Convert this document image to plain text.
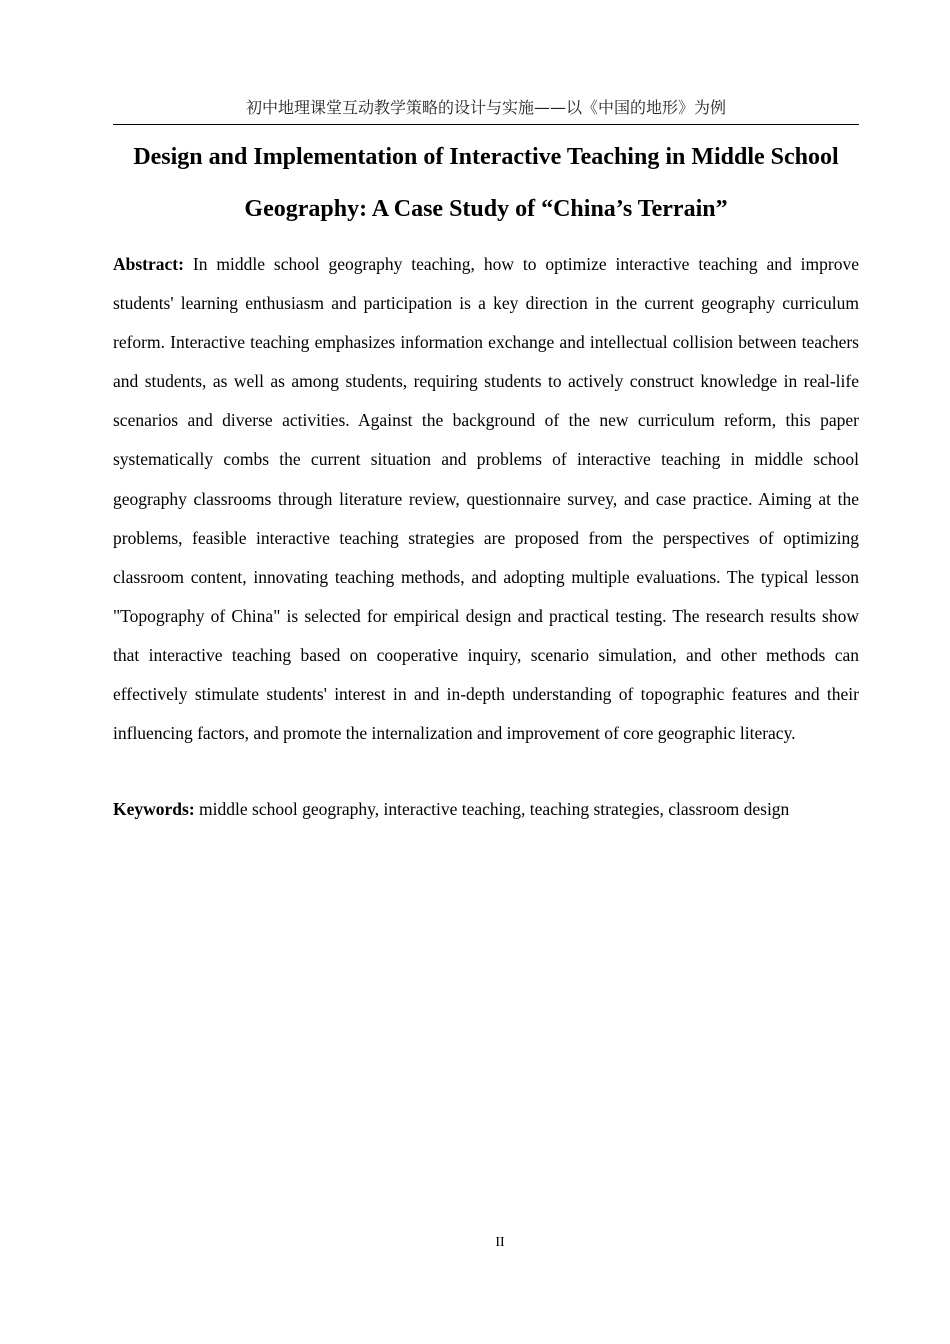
初中地理课堂互动教学策略的设计与实施——以《中国的地形》为例
Design and Implementation of Interactive Teaching in Middle School Geography: A Case Study of “China’s Terrain”

Abstract: In middle school geography teaching, how to optimize interactive teaching and improve students' learning enthusiasm and participation is a key direction in the current geography curriculum reform. Interactive teaching emphasizes information exchange and intellectual collision between teachers and students, as well as among students, requiring students to actively construct knowledge in real-life scenarios and diverse activities. Against the background of the new curriculum reform, this paper systematically combs the current situation and problems of interactive teaching in middle school geography classrooms through literature review, questionnaire survey, and case practice. Aiming at the problems, feasible interactive teaching strategies are proposed from the perspectives of optimizing classroom content, innovating teaching methods, and adopting multiple evaluations. The typical lesson "Topography of China" is selected for empirical design and practical testing. The research results show that interactive teaching based on cooperative inquiry, scenario simulation, and other methods can effectively stimulate students' interest in and in-depth understanding of topographic features and their influencing factors, and promote the internalization and improvement of core geographic literacy.

Keywords: middle school geography, interactive teaching, teaching strategies, classroom design

II
